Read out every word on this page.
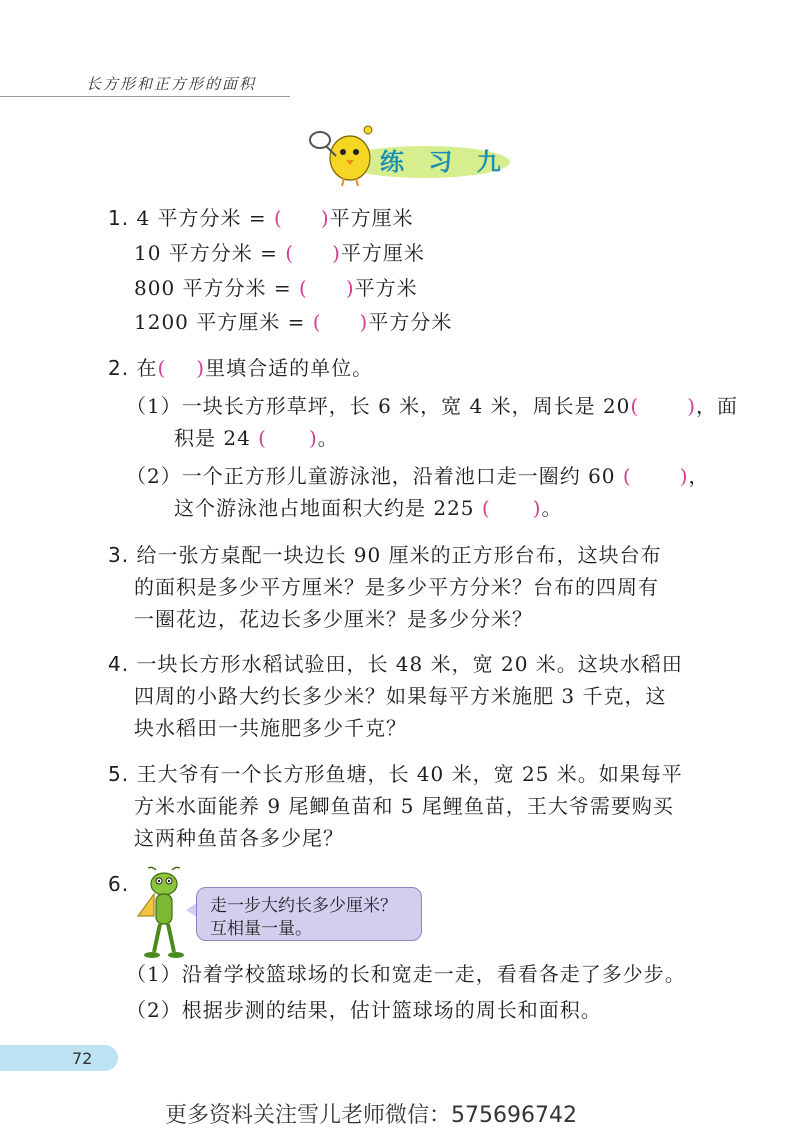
长方形和正方形的面积
练 习 九
1. 4 平方分米 = ( )平方厘米
10 平方分米 = ( )平方厘米
800 平方分米 = ( )平方米
1200 平方厘米 = ( )平方分米
2. 在( )里填合适的单位。
（1）一块长方形草坪，长 6 米，宽 4 米，周长是 20( )，面
积是 24 ( )。
（2）一个正方形儿童游泳池，沿着池口走一圈约 60 ( )，
这个游泳池占地面积大约是 225 ( )。
3. 给一张方桌配一块边长 90 厘米的正方形台布，这块台布
的面积是多少平方厘米？是多少平方分米？台布的四周有
一圈花边，花边长多少厘米？是多少分米？
4. 一块长方形水稻试验田，长 48 米，宽 20 米。这块水稻田
四周的小路大约长多少米？如果每平方米施肥 3 千克，这
块水稻田一共施肥多少千克？
5. 王大爷有一个长方形鱼塘，长 40 米，宽 25 米。如果每平
方米水面能养 9 尾鲫鱼苗和 5 尾鲤鱼苗，王大爷需要购买
这两种鱼苗各多少尾？
6.
走一步大约长多少厘米？
互相量一量。
（1）沿着学校篮球场的长和宽走一走，看看各走了多少步。
（2）根据步测的结果，估计篮球场的周长和面积。
72
更多资料关注雪儿老师微信：575696742
